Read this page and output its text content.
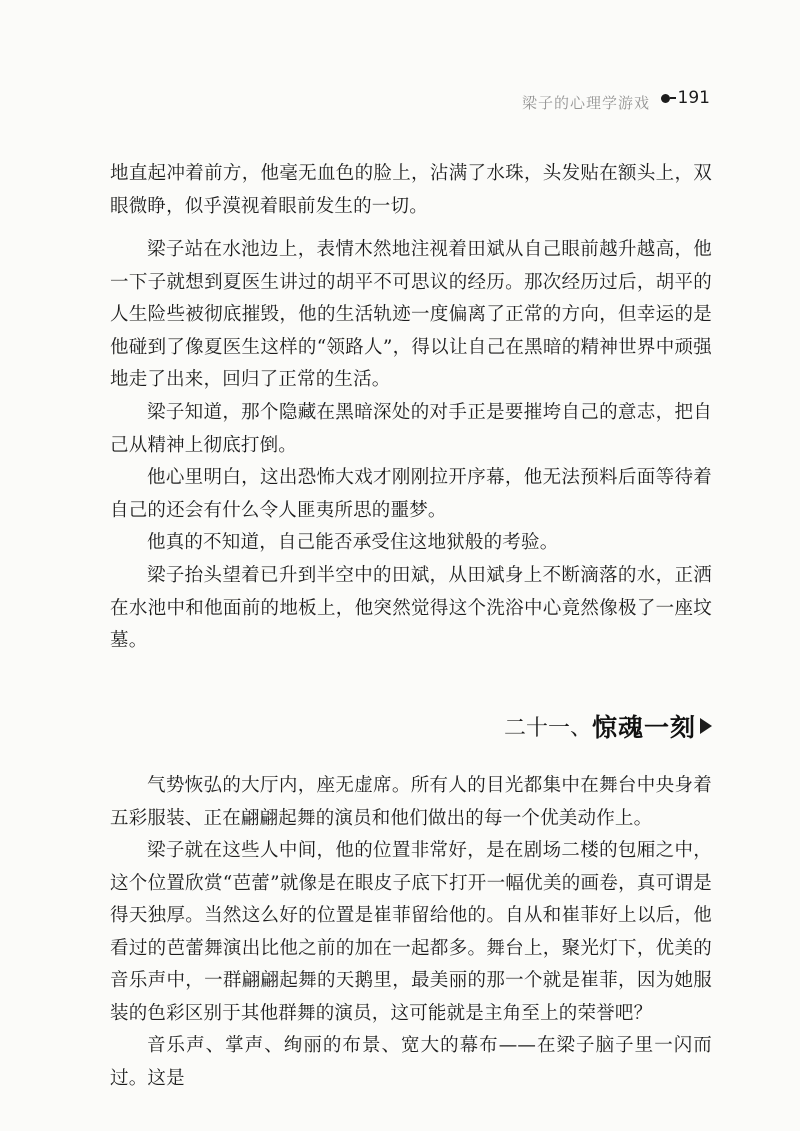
梁子的心理学游戏 191

地直起冲着前方，他毫无血色的脸上，沾满了水珠，头发贴在额头上，双眼微睁，似乎漠视着眼前发生的一切。

梁子站在水池边上，表情木然地注视着田斌从自己眼前越升越高，他一下子就想到夏医生讲过的胡平不可思议的经历。那次经历过后，胡平的人生险些被彻底摧毁，他的生活轨迹一度偏离了正常的方向，但幸运的是他碰到了像夏医生这样的“领路人”，得以让自己在黑暗的精神世界中顽强地走了出来，回归了正常的生活。

梁子知道，那个隐藏在黑暗深处的对手正是要摧垮自己的意志，把自己从精神上彻底打倒。

他心里明白，这出恐怖大戏才刚刚拉开序幕，他无法预料后面等待着自己的还会有什么令人匪夷所思的噩梦。

他真的不知道，自己能否承受住这地狱般的考验。

梁子抬头望着已升到半空中的田斌，从田斌身上不断滴落的水，正洒在水池中和他面前的地板上，他突然觉得这个洗浴中心竟然像极了一座坟墓。

二十一、 惊魂一刻

气势恢弘的大厅内，座无虚席。所有人的目光都集中在舞台中央身着五彩服装、正在翩翩起舞的演员和他们做出的每一个优美动作上。

梁子就在这些人中间，他的位置非常好，是在剧场二楼的包厢之中，这个位置欣赏“芭蕾”就像是在眼皮子底下打开一幅优美的画卷，真可谓是得天独厚。当然这么好的位置是崔菲留给他的。自从和崔菲好上以后，他看过的芭蕾舞演出比他之前的加在一起都多。舞台上，聚光灯下，优美的音乐声中，一群翩翩起舞的天鹅里，最美丽的那一个就是崔菲，因为她服装的色彩区别于其他群舞的演员，这可能就是主角至上的荣誉吧？

音乐声、掌声、绚丽的布景、宽大的幕布——在梁子脑子里一闪而过。这是
